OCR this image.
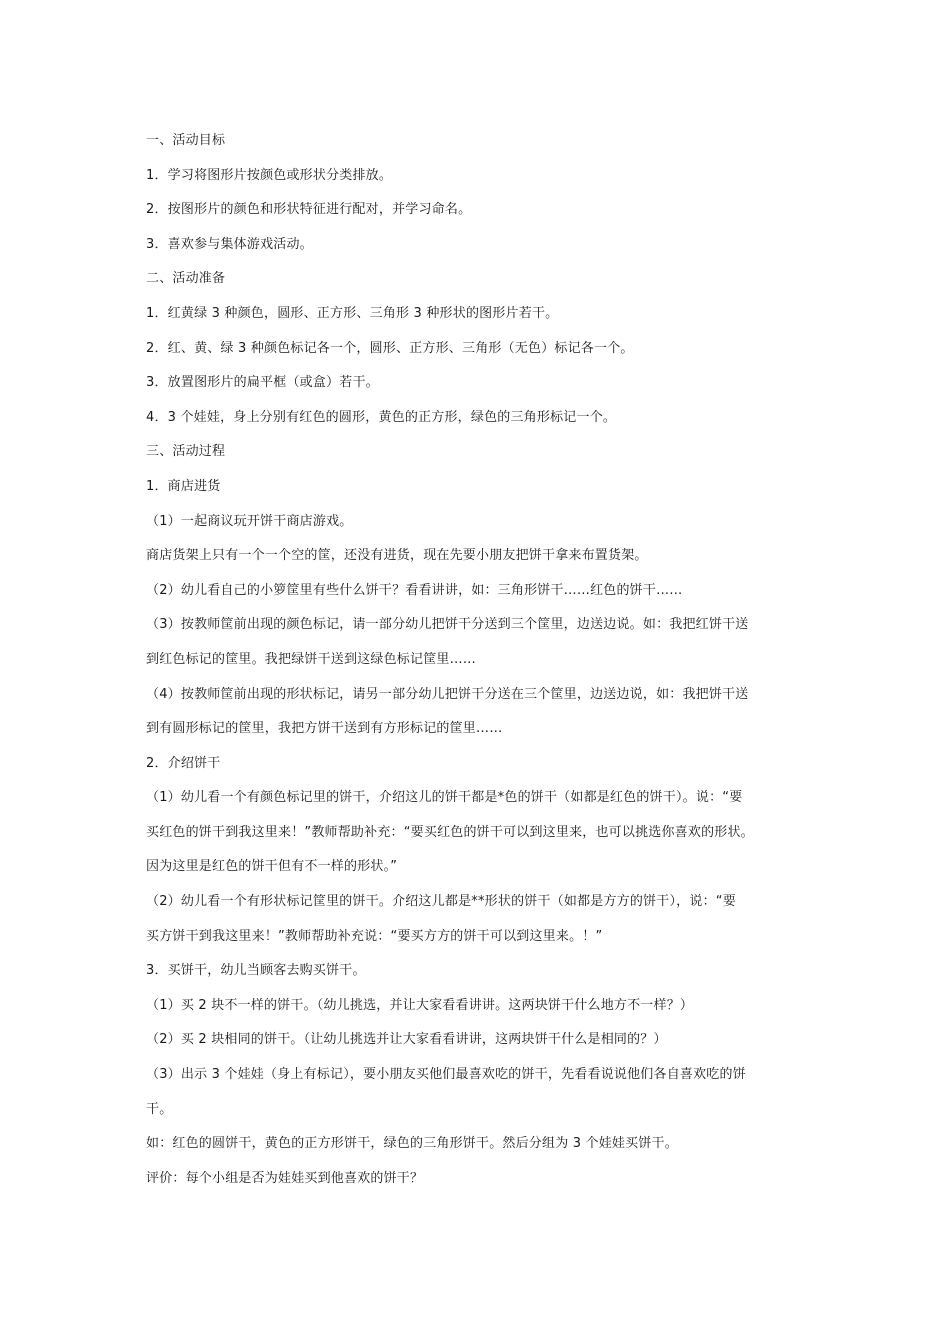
一、活动目标
1．学习将图形片按颜色或形状分类排放。
2．按图形片的颜色和形状特征进行配对，并学习命名。
3．喜欢参与集体游戏活动。
二、活动准备
1．红黄绿 3 种颜色，圆形、正方形、三角形 3 种形状的图形片若干。
2．红、黄、绿 3 种颜色标记各一个，圆形、正方形、三角形（无色）标记各一个。
3．放置图形片的扁平框（或盒）若干。
4．3 个娃娃，身上分别有红色的圆形，黄色的正方形，绿色的三角形标记一个。
三、活动过程
1．商店进货
（1）一起商议玩开饼干商店游戏。
商店货架上只有一个一个空的筐，还没有进货，现在先要小朋友把饼干拿来布置货架。
（2）幼儿看自己的小箩筐里有些什么饼干？看看讲讲，如：三角形饼干……红色的饼干……
（3）按教师筐前出现的颜色标记，请一部分幼儿把饼干分送到三个筐里，边送边说。如：我把红饼干送
到红色标记的筐里。我把绿饼干送到这绿色标记筐里……
（4）按教师筐前出现的形状标记，请另一部分幼儿把饼干分送在三个筐里，边送边说，如：我把饼干送
到有圆形标记的筐里，我把方饼干送到有方形标记的筐里……
2．介绍饼干
（1）幼儿看一个有颜色标记里的饼干，介绍这儿的饼干都是*色的饼干（如都是红色的饼干）。说：“要
买红色的饼干到我这里来！”教师帮助补充：“要买红色的饼干可以到这里来，也可以挑选你喜欢的形状。
因为这里是红色的饼干但有不一样的形状。”
（2）幼儿看一个有形状标记筐里的饼干。介绍这儿都是**形状的饼干（如都是方方的饼干），说：“要
买方饼干到我这里来！”教师帮助补充说：“要买方方的饼干可以到这里来。！”
3．买饼干，幼儿当顾客去购买饼干。
（1）买 2 块不一样的饼干。（幼儿挑选，并让大家看看讲讲。这两块饼干什么地方不一样？）
（2）买 2 块相同的饼干。（让幼儿挑选并让大家看看讲讲，这两块饼干什么是相同的？）
（3）出示 3 个娃娃（身上有标记），要小朋友买他们最喜欢吃的饼干，先看看说说他们各自喜欢吃的饼
干。
如：红色的圆饼干，黄色的正方形饼干，绿色的三角形饼干。然后分组为 3 个娃娃买饼干。
评价：每个小组是否为娃娃买到他喜欢的饼干？
